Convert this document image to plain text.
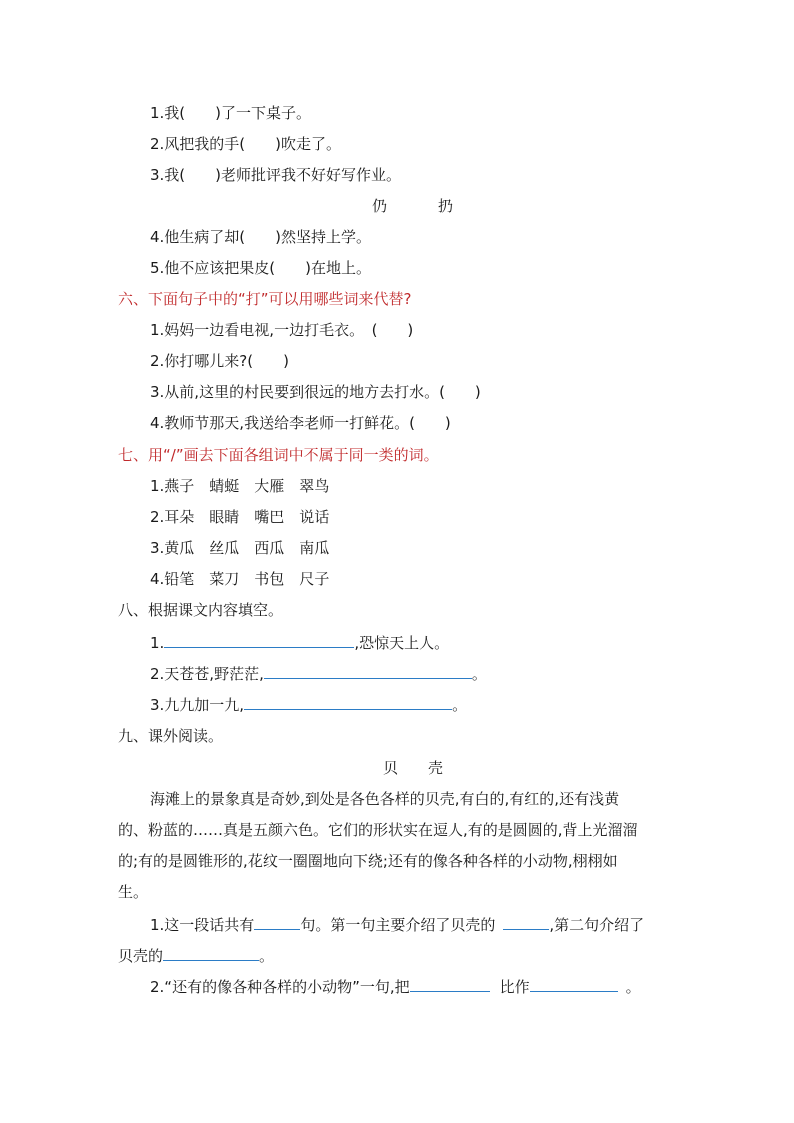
1.我(　　)了一下桌子。
2.风把我的手(　　)吹走了。
3.我(　　)老师批评我不好好写作业。
仍	扔
4.他生病了却(　　)然坚持上学。
5.他不应该把果皮(　　)在地上。
六、下面句子中的“打”可以用哪些词来代替?
1.妈妈一边看电视,一边打毛衣。　(　　)
2.你打哪儿来?(　　)
3.从前,这里的村民要到很远的地方去打水。(　　)
4.教师节那天,我送给李老师一打鲜花。(　　)
七、用“/”画去下面各组词中不属于同一类的词。
1.燕子　蜻蜓　大雁　翠鸟
2.耳朵　眼睛　嘴巴　说话
3.黄瓜　丝瓜　西瓜　南瓜
4.铅笔　菜刀　书包　尺子
八、根据课文内容填空。
1.	,恐惊天上人。
2.天苍苍,野茫茫,	。
3.九九加一九,	。
九、课外阅读。
贝　　壳
海滩上的景象真是奇妙,到处是各色各样的贝壳,有白的,有红的,还有浅黄
的、粉蓝的……真是五颜六色。它们的形状实在逗人,有的是圆圆的,背上光溜溜
的;有的是圆锥形的,花纹一圈圈地向下绕;还有的像各种各样的小动物,栩栩如
生。
1.这一段话共有	句。第一句主要介绍了贝壳的	,第二句介绍了
贝壳的	。
2.“还有的像各种各样的小动物”一句,把	比作	。
